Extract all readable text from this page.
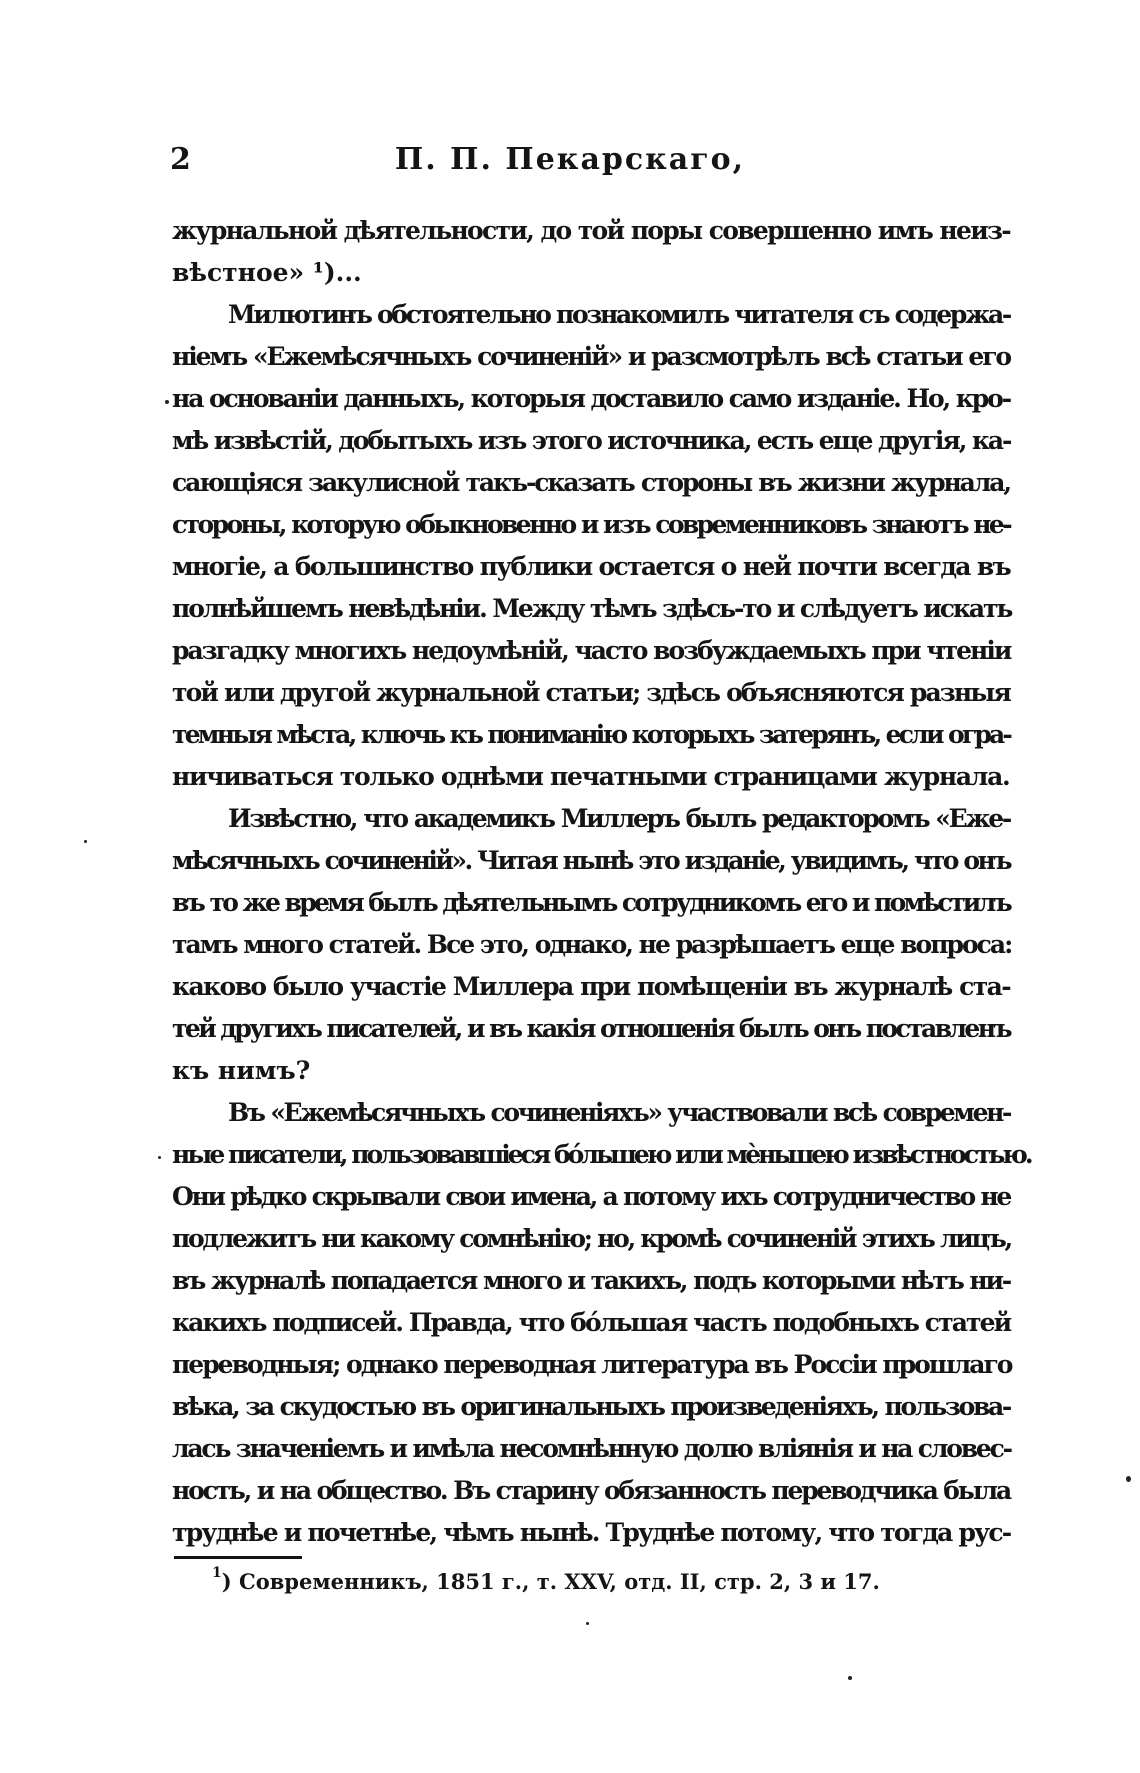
2	П. П. Пекарскаго,
журнальной дѣятельности, до той поры совершенно имъ неиз-
вѣстное» ¹)...
Милютинъ обстоятельно познакомилъ читателя съ содержа-
ніемъ «Ежемѣсячныхъ сочиненій» и разсмотрѣлъ всѣ статьи его
на основаніи данныхъ, которыя доставило само изданіе. Но, кро-
мѣ извѣстій, добытыхъ изъ этого источника, есть еще другія, ка-
сающіяся закулисной такъ-сказать стороны въ жизни журнала,
стороны, которую обыкновенно и изъ современниковъ знаютъ не-
многіе, а большинство публики остается о ней почти всегда въ
полнѣйшемъ невѣдѣніи. Между тѣмъ здѣсь-то и слѣдуетъ искать
разгадку многихъ недоумѣній, часто возбуждаемыхъ при чтеніи
той или другой журнальной статьи; здѣсь объясняются разныя
темныя мѣста, ключь къ пониманію которыхъ затерянъ, если огра-
ничиваться только однѣми печатными страницами журнала.
Извѣстно, что академикъ Миллеръ былъ редакторомъ «Ежe-
мѣсячныхъ сочиненій». Читая нынѣ это изданіе, увидимъ, что онъ
въ то же время былъ дѣятельнымъ сотрудникомъ его и помѣстилъ
тамъ много статей. Все это, однако, не разрѣшаетъ еще вопроса:
каково было участіе Миллера при помѣщеніи въ журналѣ ста-
тей другихъ писателей, и въ какія отношенія былъ онъ поставленъ
къ нимъ?
Въ «Ежемѣсячныхъ сочиненіяхъ» участвовали всѣ современ-
ные писатели, пользовавшіеся бо́льшею или мѐньшею извѣстностью.
Они рѣдко скрывали свои имена, а потому ихъ сотрудничество не
подлежитъ ни какому сомнѣнію; но, кромѣ сочиненій этихъ лицъ,
въ журналѣ попадается много и такихъ, подъ которыми нѣтъ ни-
какихъ подписей. Правда, что бо́льшая часть подобныхъ статей
переводныя; однако переводная литература въ Россіи прошлаго
вѣка, за скудостью въ оригинальныхъ произведеніяхъ, пользова-
лась значеніемъ и имѣла несомнѣнную долю вліянія и на словес-
ность, и на общество. Въ старину обязанность переводчика была
труднѣе и почетнѣе, чѣмъ нынѣ. Труднѣе потому, что тогда рус-
$^1$) Современникъ, 1851 г., т. XXV, отд. II, стр. 2, 3 и 17.
